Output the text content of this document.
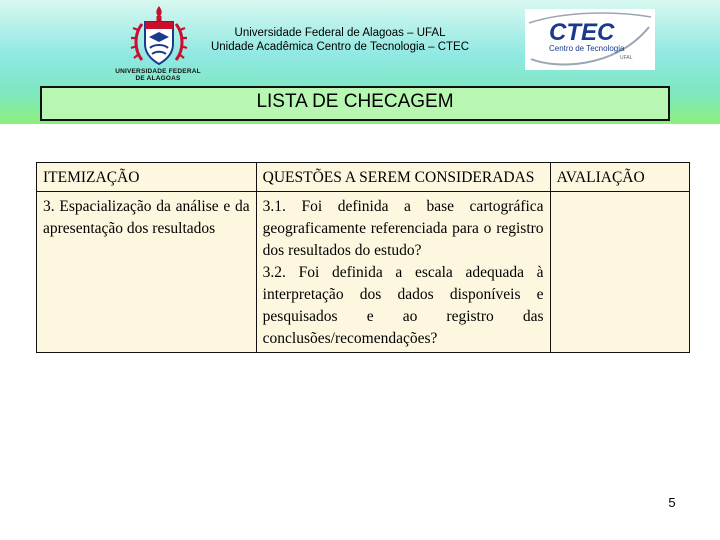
UNIVERSIDADE FEDERAL
DE ALAGOAS
Universidade Federal de Alagoas – UFAL
Unidade Acadêmica Centro de Tecnologia – CTEC
CTEC
Centro de Tecnologia
UFAL
LISTA DE CHECAGEM
ITEMIZAÇÃO	QUESTÕES A SEREM CONSIDERADAS	AVALIAÇÃO
3. Espacialização da análise e da apresentação dos resultados	3.1. Foi definida a base cartográfica geograficamente referenciada para o registro dos resultados do estudo?
3.2. Foi definida a escala adequada à interpretação dos dados disponíveis e pesquisados e ao registro das conclusões/recomendações?	

5
